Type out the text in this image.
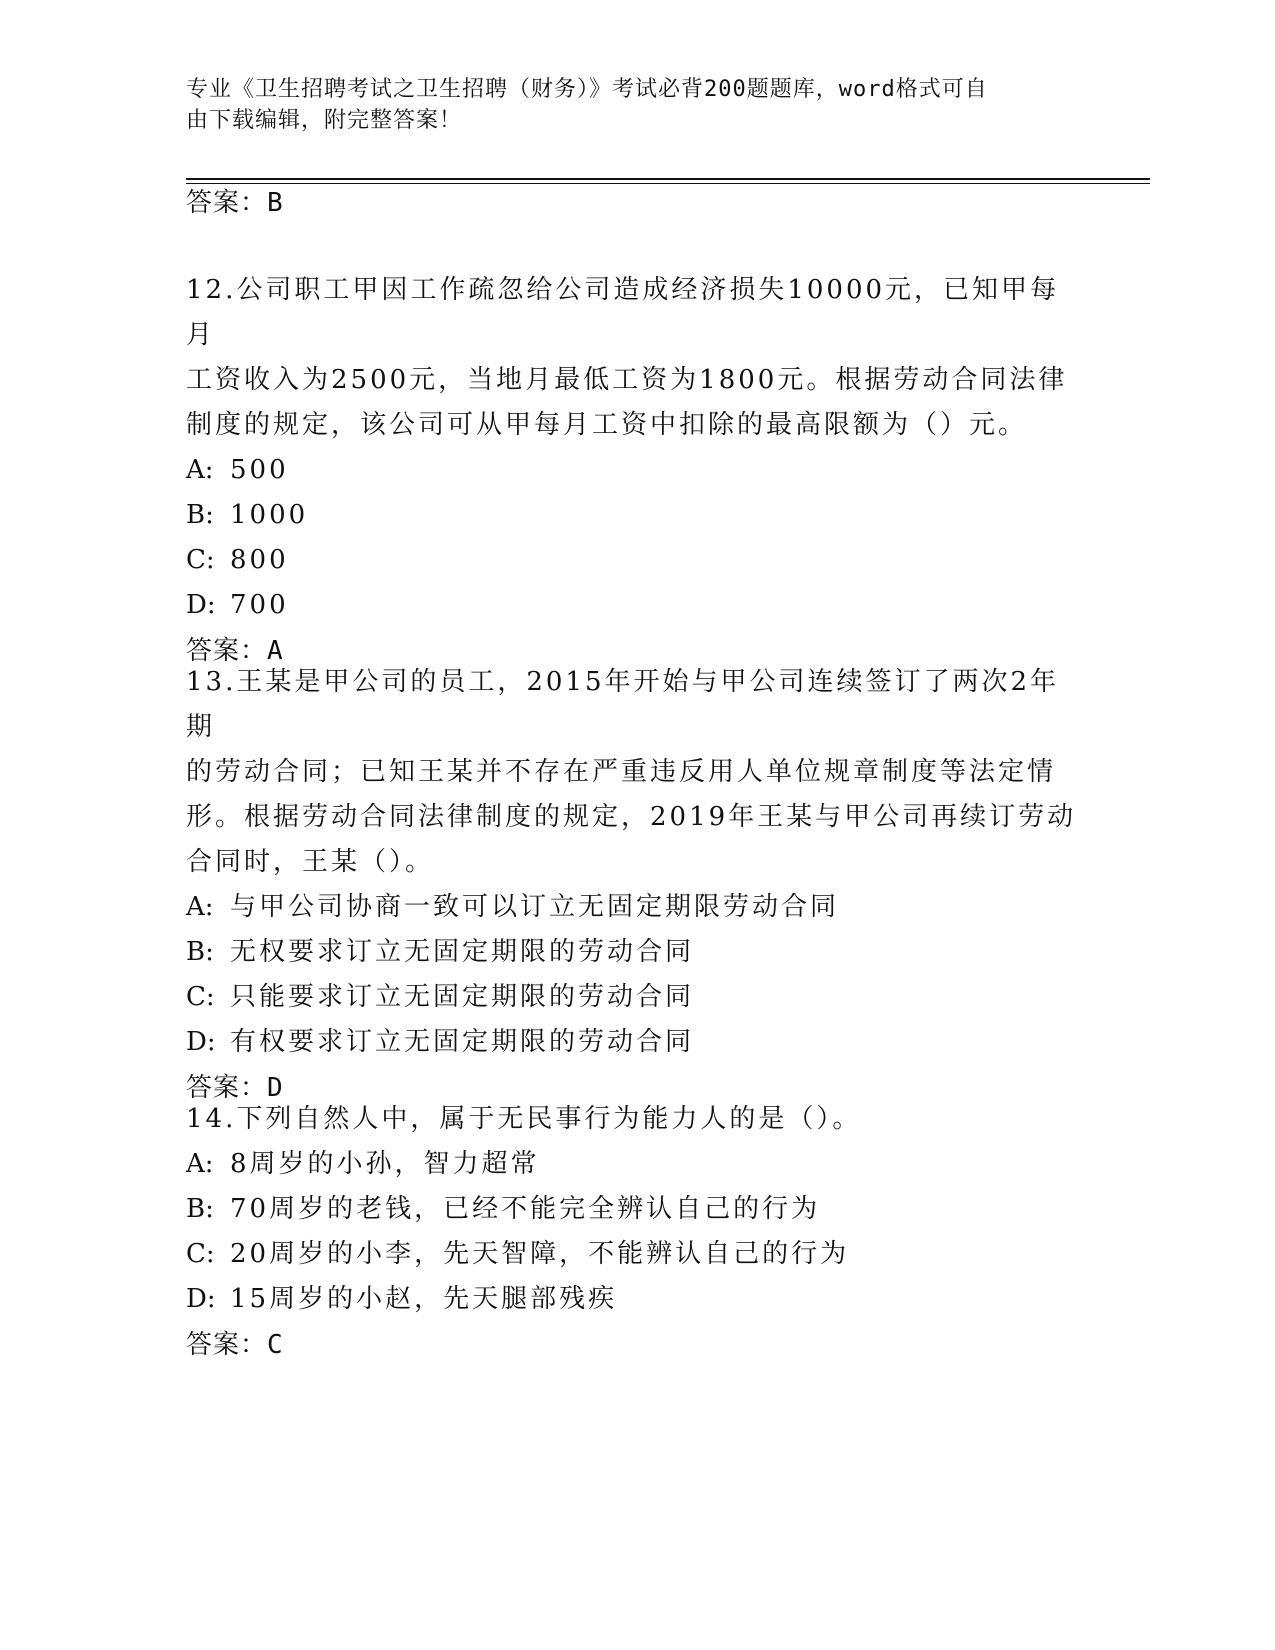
专业《卫生招聘考试之卫生招聘（财务）》考试必背200题题库，word格式可自
由下载编辑，附完整答案！
答案：B
12.公司职工甲因工作疏忽给公司造成经济损失10000元，已知甲每月
工资收入为2500元，当地月最低工资为1800元。根据劳动合同法律
制度的规定，该公司可从甲每月工资中扣除的最高限额为（）元。
A: 500
B: 1000
C: 800
D: 700
答案：A
13.王某是甲公司的员工，2015年开始与甲公司连续签订了两次2年期
的劳动合同；已知王某并不存在严重违反用人单位规章制度等法定情
形。根据劳动合同法律制度的规定，2019年王某与甲公司再续订劳动
合同时，王某（）。
A: 与甲公司协商一致可以订立无固定期限劳动合同
B: 无权要求订立无固定期限的劳动合同
C: 只能要求订立无固定期限的劳动合同
D: 有权要求订立无固定期限的劳动合同
答案：D
14.下列自然人中，属于无民事行为能力人的是（）。
A: 8周岁的小孙，智力超常
B: 70周岁的老钱，已经不能完全辨认自己的行为
C: 20周岁的小李，先天智障，不能辨认自己的行为
D: 15周岁的小赵，先天腿部残疾
答案：C
